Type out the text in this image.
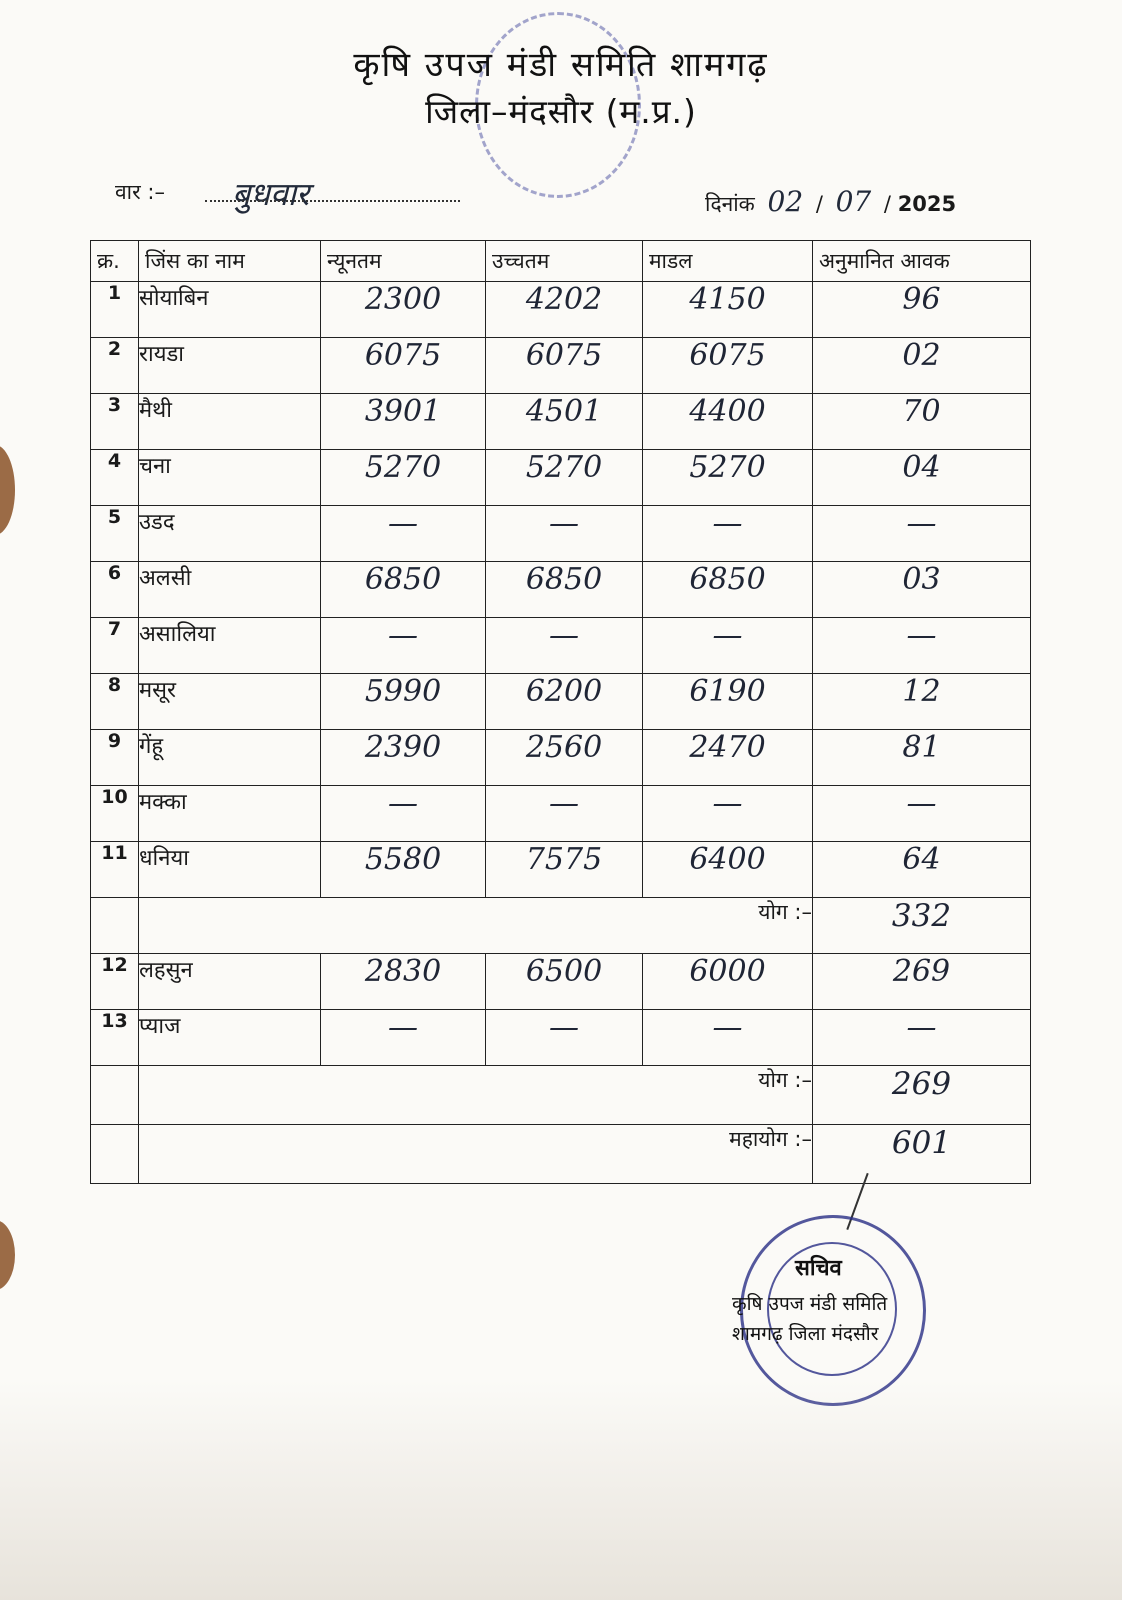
कृषि उपज मंडी समिति शामगढ़
जिला–मंदसौर (म.प्र.)
वार :– बुधवार	दिनांक 02 / 07 / 2025
क्र.	जिंस का नाम	न्यूनतम	उच्चतम	माडल	अनुमानित आवक
1	सोयाबिन	2300	4202	4150	96
2	रायडा	6075	6075	6075	02
3	मैथी	3901	4501	4400	70
4	चना	5270	5270	5270	04
5	उडद	—	—	—	—
6	अलसी	6850	6850	6850	03
7	असालिया	—	—	—	—
8	मसूर	5990	6200	6190	12
9	गेंहू	2390	2560	2470	81
10	मक्का	—	—	—	—
11	धनिया	5580	7575	6400	64
	योग :–				332
12	लहसुन	2830	6500	6000	269
13	प्याज	—	—	—	—
	योग :–				269
	महायोग :–				601
सचिव
कृषि उपज मंडी समिति
शामगढ़ जिला मंदसौर
